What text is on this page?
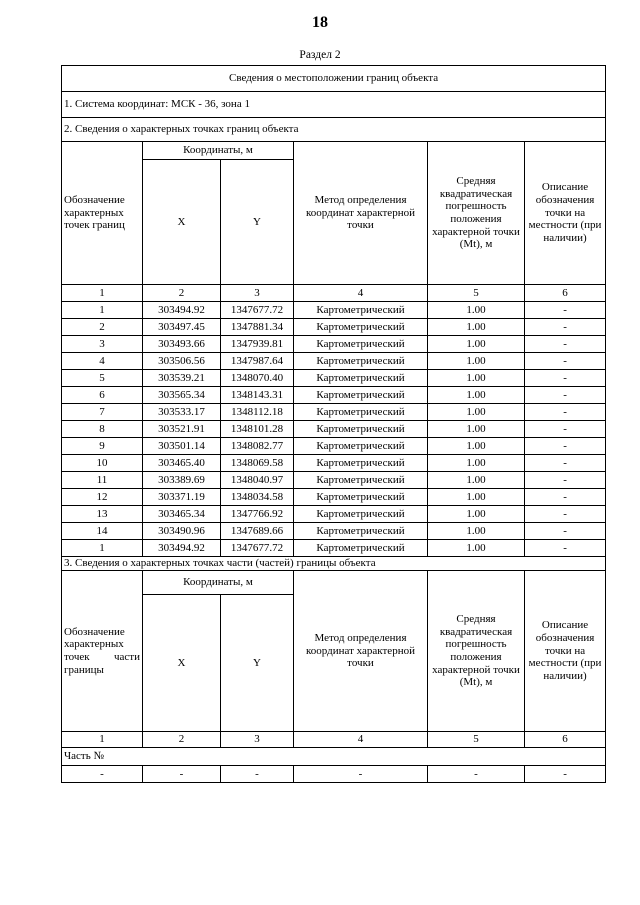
18
Раздел 2
Сведения о местоположении границ объекта					
1. Система координат: МСК - 36, зона 1					
2. Сведения о характерных точках границ объекта					
Обозначение характерных точек границ	Координаты, м		Метод определения координат характерной точки	Средняя квадратическая погрешность положения характерной точки (Mt), м	Описание обозначения точки на местности (при наличии)
	X	Y			
1	2	3	4	5	6
1	303494.92	1347677.72	Картометрический	1.00	-
2	303497.45	1347881.34	Картометрический	1.00	-
3	303493.66	1347939.81	Картометрический	1.00	-
4	303506.56	1347987.64	Картометрический	1.00	-
5	303539.21	1348070.40	Картометрический	1.00	-
6	303565.34	1348143.31	Картометрический	1.00	-
7	303533.17	1348112.18	Картометрический	1.00	-
8	303521.91	1348101.28	Картометрический	1.00	-
9	303501.14	1348082.77	Картометрический	1.00	-
10	303465.40	1348069.58	Картометрический	1.00	-
11	303389.69	1348040.97	Картометрический	1.00	-
12	303371.19	1348034.58	Картометрический	1.00	-
13	303465.34	1347766.92	Картометрический	1.00	-
14	303490.96	1347689.66	Картометрический	1.00	-
1	303494.92	1347677.72	Картометрический	1.00	-
3. Сведения о характерных точках части (частей) границы объекта					
Обозначение характерных точек части границы	Координаты, м		Метод определения координат характерной точки	Средняя квадратическая погрешность положения характерной точки (Mt), м	Описание обозначения точки на местности (при наличии)
	X	Y			
1	2	3	4	5	6
Часть №					
-	-	-	-	-	-
